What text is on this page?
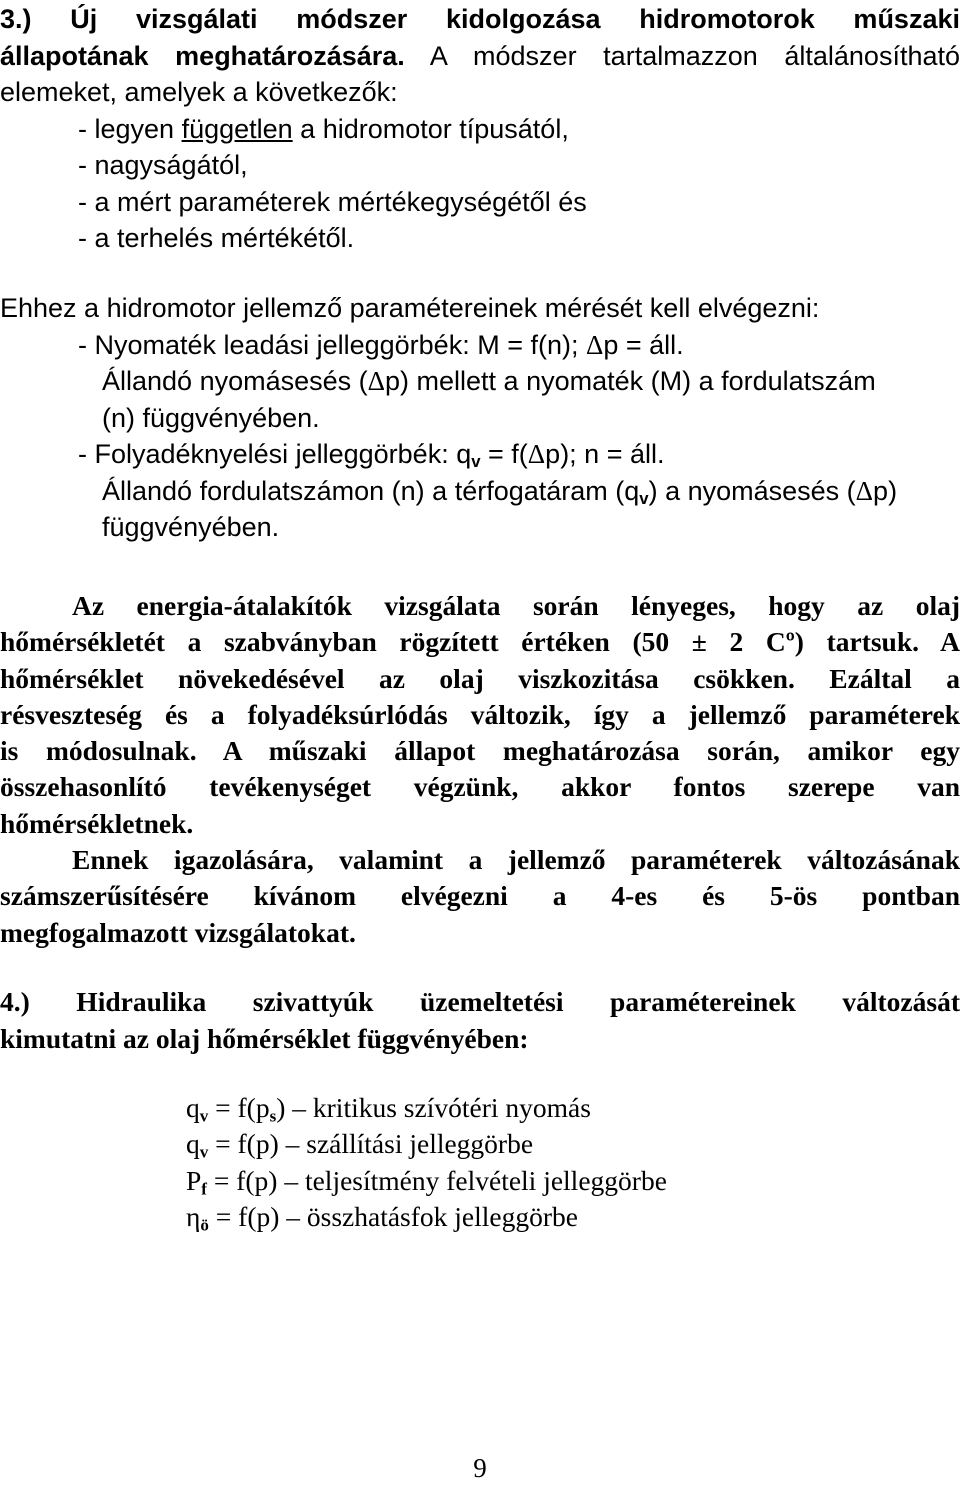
3.) Új vizsgálati módszer kidolgozása hidromotorok műszaki
állapotának meghatározására. A módszer tartalmazzon általánosítható
elemeket, amelyek a következők:
- legyen független a hidromotor típusától,
- nagyságától,
- a mért paraméterek mértékegységétől és
- a terhelés mértékétől.
Ehhez a hidromotor jellemző paramétereinek mérését kell elvégezni:
- Nyomaték leadási jelleggörbék: M = f(n); Δp = áll.
Állandó nyomásesés (Δp) mellett a nyomaték (M) a fordulatszám
(n) függvényében.
- Folyadéknyelési jelleggörbék: $q_v = f(\Delta p)$; n = áll.
Állandó fordulatszámon (n) a térfogatáram $(q_v)$ a nyomásesés (Δp)
függvényében.
Az energia-átalakítók vizsgálata során lényeges, hogy az olaj
hőmérsékletét a szabványban rögzített értéken (50 ± 2 Cº) tartsuk. A
hőmérséklet növekedésével az olaj viszkozitása csökken. Ezáltal a
résveszteség és a folyadéksúrlódás változik, így a jellemző paraméterek
is módosulnak. A műszaki állapot meghatározása során, amikor egy
összehasonlító tevékenységet végzünk, akkor fontos szerepe van
hőmérsékletnek.
Ennek igazolására, valamint a jellemző paraméterek változásának
számszerűsítésére kívánom elvégezni a 4-es és 5-ös pontban
megfogalmazott vizsgálatokat.
4.) Hidraulika szivattyúk üzemeltetési paramétereinek változását
kimutatni az olaj hőmérséklet függvényében:
$q_v = f(p_s)$ – kritikus szívótéri nyomás
$q_v = f(p)$ – szállítási jelleggörbe
$P_f = f(p)$ – teljesítmény felvételi jelleggörbe
$\eta_ö = f(p)$ – összhatásfok jelleggörbe
9
